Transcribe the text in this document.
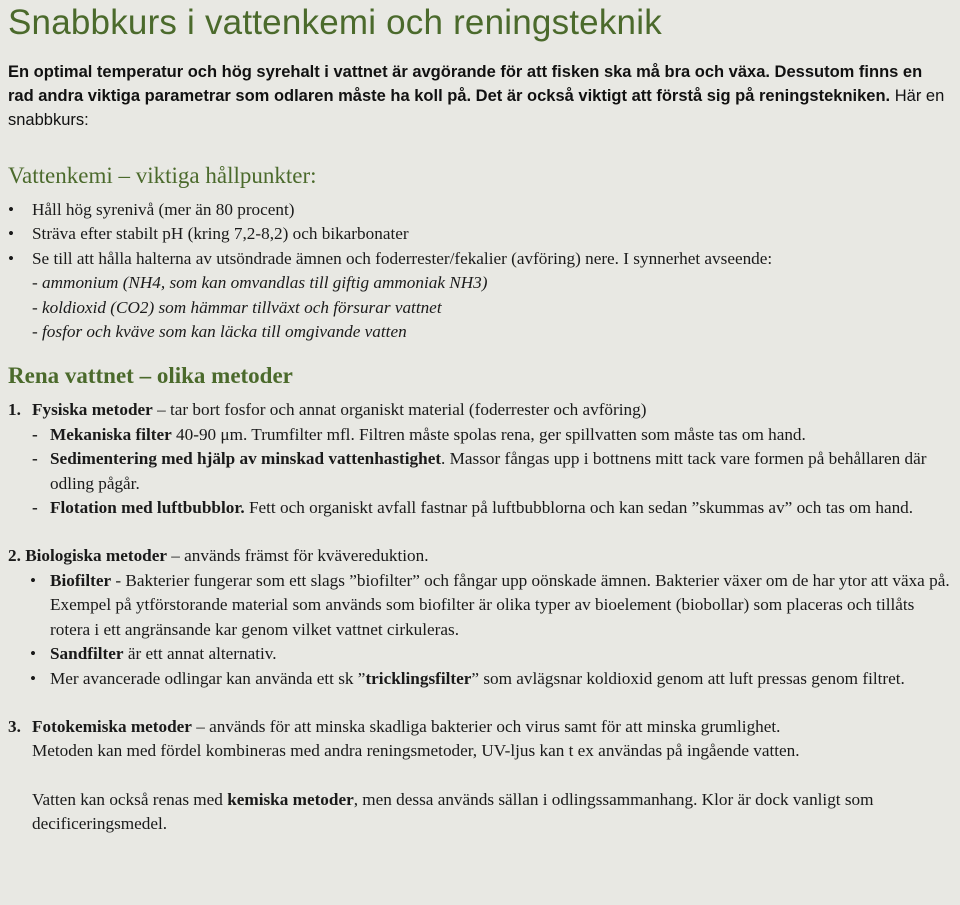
Snabbkurs i vattenkemi och reningsteknik

En optimal temperatur och hög syrehalt i vattnet är avgörande för att fisken ska må bra och växa. Dessutom finns en rad andra viktiga parametrar som odlaren måste ha koll på. Det är också viktigt att förstå sig på reningstekniken. Här en snabbkurs:

Vattenkemi – viktiga hållpunkter:
• Håll hög syrenivå (mer än 80 procent)
• Sträva efter stabilt pH (kring 7,2-8,2) och bikarbonater
• Se till att hålla halterna av utsöndrade ämnen och foderrester/fekalier (avföring) nere. I synnerhet avseende:
- ammonium (NH4, som kan omvandlas till giftig ammoniak NH3)
- koldioxid (CO2) som hämmar tillväxt och försurar vattnet
- fosfor och kväve som kan läcka till omgivande vatten
Rena vattnet – olika metoder
1. Fysiska metoder – tar bort fosfor och annat organiskt material (foderrester och avföring)
- Mekaniska filter 40-90 μm. Trumfilter mfl. Filtren måste spolas rena, ger spillvatten som måste tas om hand.
- Sedimentering med hjälp av minskad vattenhastighet. Massor fångas upp i bottnens mitt tack vare formen på behållaren där odling pågår.
- Flotation med luftbubblor. Fett och organiskt avfall fastnar på luftbubblorna och kan sedan ”skummas av” och tas om hand.
2. Biologiska metoder – används främst för kvävereduktion.
• Biofilter - Bakterier fungerar som ett slags ”biofilter” och fångar upp oönskade ämnen. Bakterier växer om de har ytor att växa på. Exempel på ytförstorande material som används som biofilter är olika typer av bioelement (biobollar) som placeras och tillåts rotera i ett angränsande kar genom vilket vattnet cirkuleras.
• Sandfilter är ett annat alternativ.
• Mer avancerade odlingar kan använda ett sk ”tricklingsfilter” som avlägsnar koldioxid genom att luft pressas genom filtret.
3. Fotokemiska metoder – används för att minska skadliga bakterier och virus samt för att minska grumlighet.
Metoden kan med fördel kombineras med andra reningsmetoder, UV-ljus kan t ex användas på ingående vatten.
Vatten kan också renas med kemiska metoder, men dessa används sällan i odlingssammanhang. Klor är dock vanligt som decificeringsmedel.
